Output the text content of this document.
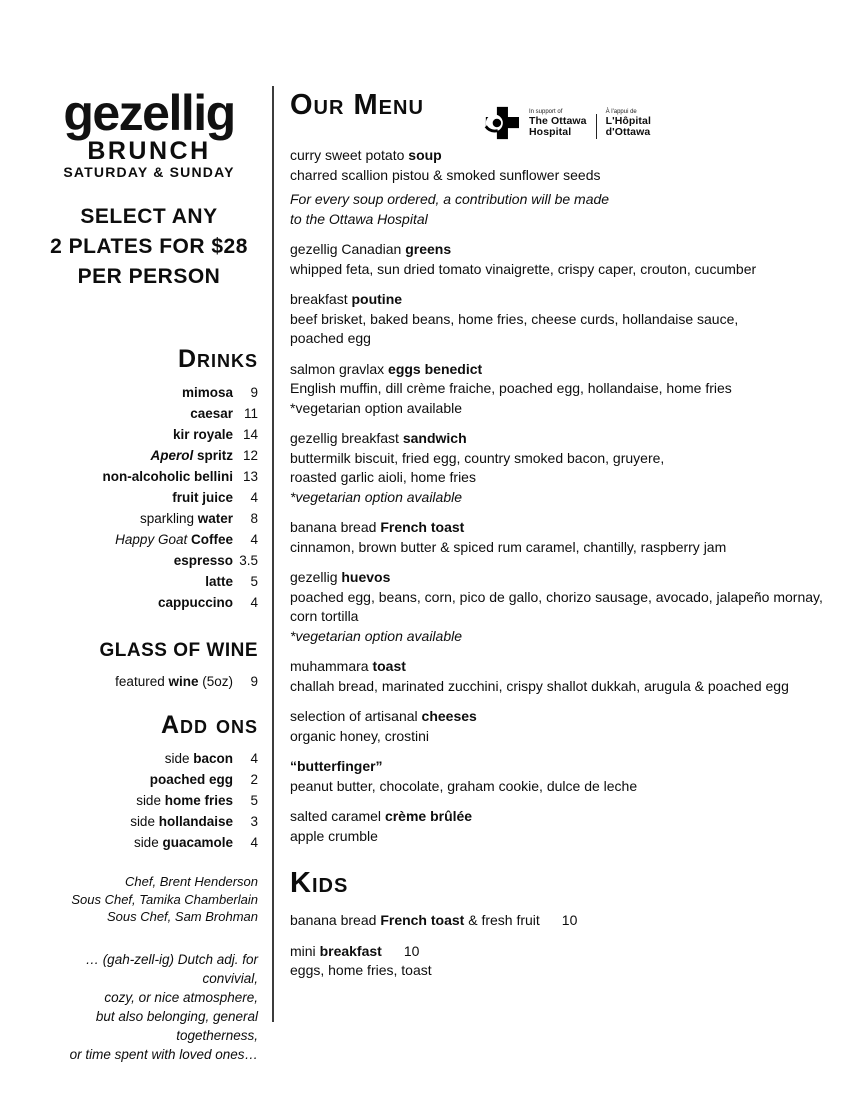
gezellig
BRUNCH
SATURDAY & SUNDAY
SELECT ANY
2 PLATES FOR $28
PER PERSON
Drinks
mimosa	9
caesar 11
kir royale 14
Aperol spritz 12
non-alcoholic bellini 13
fruit juice	4
sparkling water	8
Happy Goat Coffee	4
espresso 3.5
latte	5
cappuccino	4
GLASS OF WINE
featured wine (5oz)	9
Add ons
side bacon	4
poached egg	2
side home fries	5
side hollandaise	3
side guacamole	4
Chef, Brent Henderson
Sous Chef, Tamika Chamberlain
Sous Chef, Sam Brohman
… (gah-zell-ig) Dutch adj. for convivial,
cozy, or nice atmosphere,
but also belonging, general togetherness,
or time spent with loved ones…
Our Menu	In support of
The Ottawa
Hospital
À l'appui de
L'Hôpital
d'Ottawa
curry sweet potato soup
charred scallion pistou & smoked sunflower seeds
For every soup ordered, a contribution will be made
to the Ottawa Hospital
gezellig Canadian greens
whipped feta, sun dried tomato vinaigrette, crispy caper, crouton, cucumber
breakfast poutine
beef brisket, baked beans, home fries, cheese curds, hollandaise sauce,
poached egg
salmon gravlax eggs benedict
English muffin, dill crème fraiche, poached egg, hollandaise, home fries
*vegetarian option available
gezellig breakfast sandwich
buttermilk biscuit, fried egg, country smoked bacon, gruyere,
roasted garlic aioli, home fries
*vegetarian option available
banana bread French toast
cinnamon, brown butter & spiced rum caramel, chantilly, raspberry jam
gezellig huevos
poached egg, beans, corn, pico de gallo, chorizo sausage, avocado, jalapeño mornay,
corn tortilla
*vegetarian option available
muhammara toast
challah bread, marinated zucchini, crispy shallot dukkah, arugula & poached egg
selection of artisanal cheeses
organic honey, crostini
“butterfinger”
peanut butter, chocolate, graham cookie, dulce de leche
salted caramel crème brûlée
apple crumble
Kids
banana bread French toast & fresh fruit 10
mini breakfast 10
eggs, home fries, toast
